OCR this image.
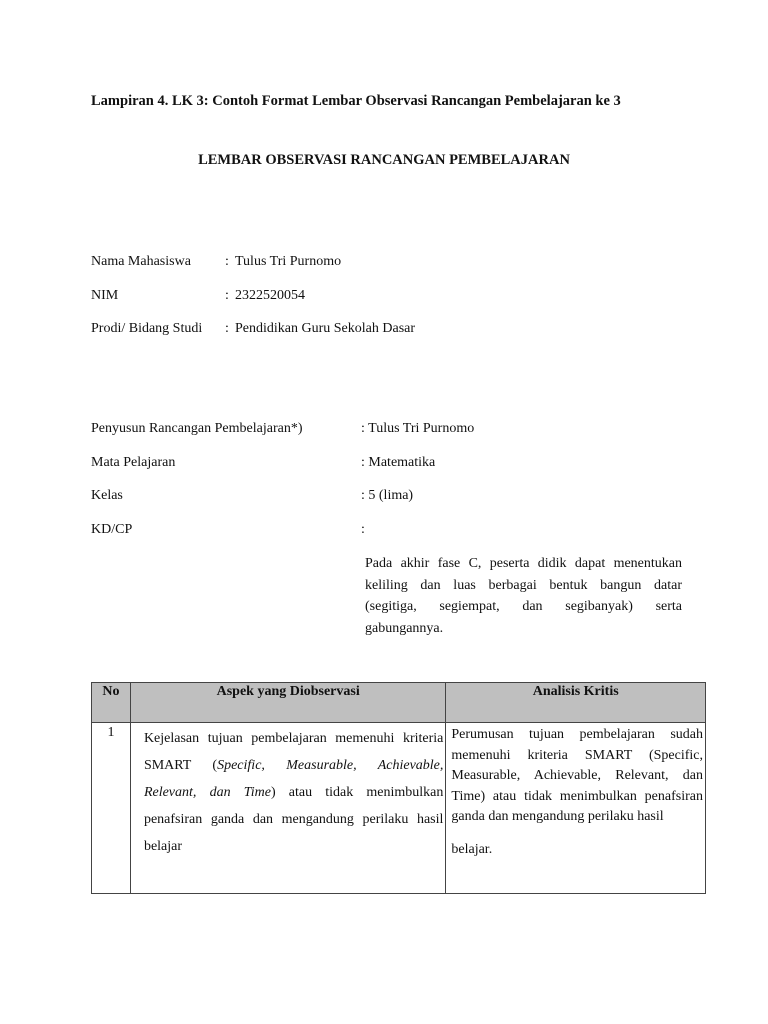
Lampiran 4. LK 3: Contoh Format Lembar Observasi Rancangan Pembelajaran ke 3
LEMBAR OBSERVASI RANCANGAN PEMBELAJARAN
Nama Mahasiswa : Tulus Tri Purnomo
NIM	: 2322520054
Prodi/ Bidang Studi : Pendidikan Guru Sekolah Dasar
Penyusun Rancangan Pembelajaran*)	: Tulus Tri Purnomo
Mata Pelajaran	: Matematika
Kelas	: 5 (lima)
KD/CP	:
Pada akhir fase C, peserta didik dapat menentukan keliling dan luas berbagai bentuk bangun datar (segitiga, segiempat, dan segibanyak) serta gabungannya.
No	Aspek yang Diobservasi	Analisis Kritis
1	Kejelasan tujuan pembelajaran memenuhi kriteria SMART (Specific, Measurable, Achievable, Relevant, dan Time) atau tidak menimbulkan penafsiran ganda dan mengandung perilaku hasil belajar	Perumusan tujuan pembelajaran sudah memenuhi kriteria SMART (Specific, Measurable, Achievable, Relevant, dan Time) atau tidak menimbulkan penafsiran ganda dan mengandung perilaku hasil
belajar.
